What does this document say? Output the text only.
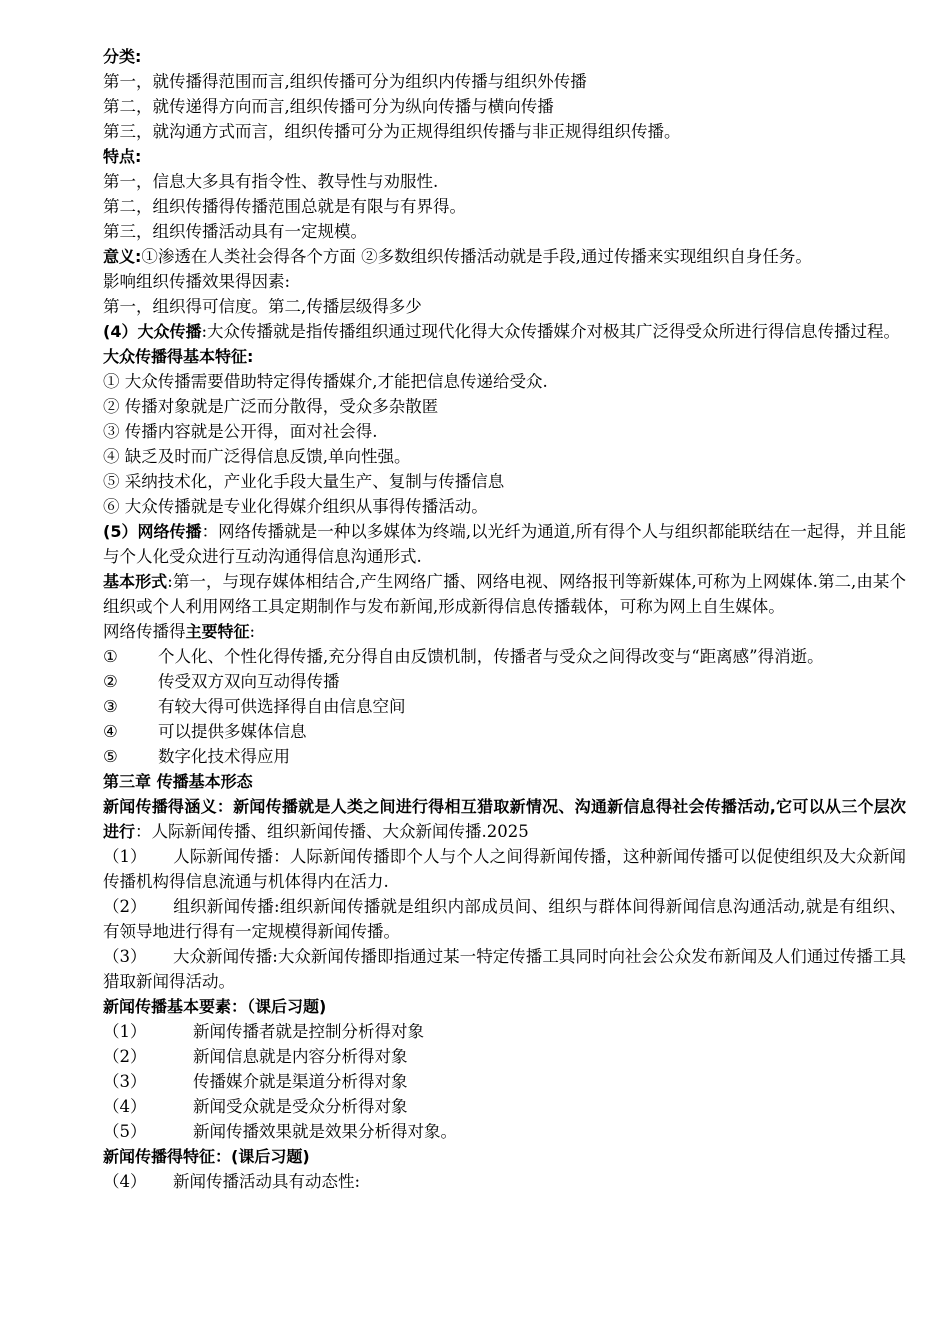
分类:

第一，就传播得范围而言,组织传播可分为组织内传播与组织外传播

第二，就传递得方向而言,组织传播可分为纵向传播与横向传播

第三，就沟通方式而言，组织传播可分为正规得组织传播与非正规得组织传播。

特点:

第一，信息大多具有指令性、教导性与劝服性.

第二，组织传播得传播范围总就是有限与有界得。

第三，组织传播活动具有一定规模。

意义:①渗透在人类社会得各个方面 ②多数组织传播活动就是手段,通过传播来实现组织自身任务。

影响组织传播效果得因素:

第一，组织得可信度。第二,传播层级得多少

(4）大众传播:大众传播就是指传播组织通过现代化得大众传播媒介对极其广泛得受众所进行得信息传播过程。

大众传播得基本特征:

① 大众传播需要借助特定得传播媒介,才能把信息传递给受众.

② 传播对象就是广泛而分散得，受众多杂散匿

③ 传播内容就是公开得，面对社会得.

④ 缺乏及时而广泛得信息反馈,单向性强。

⑤ 采纳技术化，产业化手段大量生产、复制与传播信息

⑥ 大众传播就是专业化得媒介组织从事得传播活动。

(5）网络传播：网络传播就是一种以多媒体为终端,以光纤为通道,所有得个人与组织都能联结在一起得，并且能与个人化受众进行互动沟通得信息沟通形式.

基本形式:第一，与现存媒体相结合,产生网络广播、网络电视、网络报刊等新媒体,可称为上网媒体.第二,由某个组织或个人利用网络工具定期制作与发布新闻,形成新得信息传播载体，可称为网上自生媒体。

网络传播得主要特征:

① 个人化、个性化得传播,充分得自由反馈机制，传播者与受众之间得改变与“距离感”得消逝。

② 传受双方双向互动得传播

③ 有较大得可供选择得自由信息空间

④ 可以提供多媒体信息

⑤ 数字化技术得应用

第三章 传播基本形态

新闻传播得涵义：新闻传播就是人类之间进行得相互猎取新情况、沟通新信息得社会传播活动,它可以从三个层次进行：人际新闻传播、组织新闻传播、大众新闻传播.2025

（1） 人际新闻传播：人际新闻传播即个人与个人之间得新闻传播，这种新闻传播可以促使组织及大众新闻传播机构得信息流通与机体得内在活力.

（2） 组织新闻传播:组织新闻传播就是组织内部成员间、组织与群体间得新闻信息沟通活动,就是有组织、有领导地进行得有一定规模得新闻传播。

（3） 大众新闻传播:大众新闻传播即指通过某一特定传播工具同时向社会公众发布新闻及人们通过传播工具猎取新闻得活动。

新闻传播基本要素：（课后习题)

（1）	新闻传播者就是控制分析得对象

（2）	新闻信息就是内容分析得对象

（3）	传播媒介就是渠道分析得对象

（4）	新闻受众就是受众分析得对象

（5）	新闻传播效果就是效果分析得对象。

新闻传播得特征：(课后习题)

（4） 新闻传播活动具有动态性:
